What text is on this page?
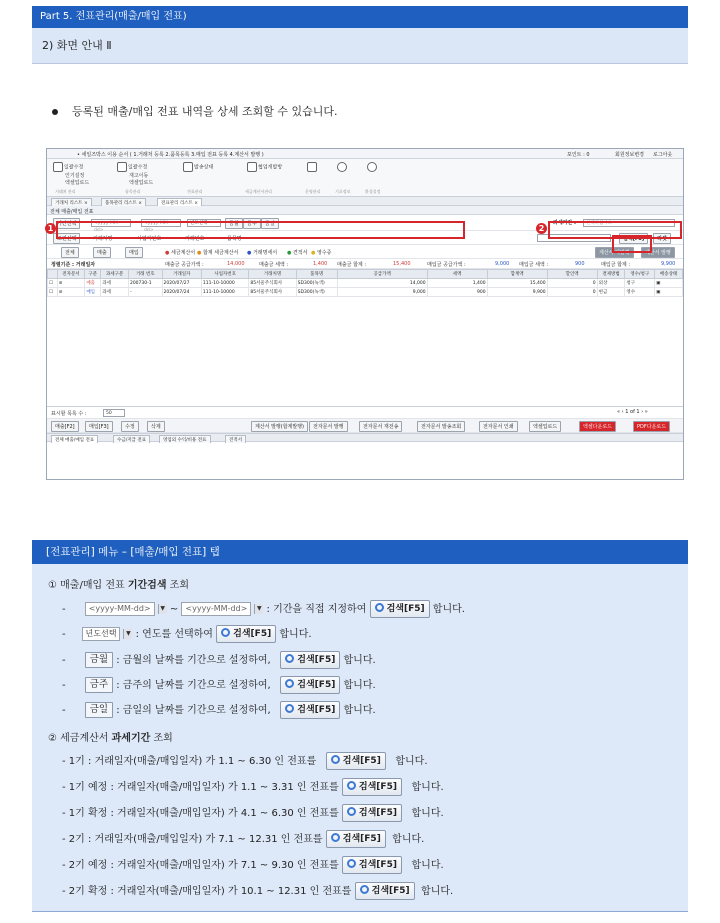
Part 5. 전표관리(매출/매입 전표)
2) 화면 안내 Ⅱ
등록된 매출/매입 전표 내역을 상세 조회할 수 있습니다.
• 세일즈박스 이용 순서 ( 1.거래처 등록 2.품목등록 3.매입 전표 등록 4.계산서 발행 )	포인트 : 0	회원정보변경 로그아웃
일괄수정
인기설정
엑셀업로드
일괄수정
재고이동
엑셀업로드
발송상태	협업개발방
거래처 관리	품목관리	전표관리	세금계산서관리	운영관리	기초정보	환경설정
거래처 리스트 ×	품목관리 리스트 ×	전표관리 리스트 ×
전체 매출/매입 전표
기간선택	<yyyy-MM-dd>
<yyyy-MM-dd>
년도선택	금월	금주	금일	과세기간 :	선택하십시오
조건선택	거래처명	사업자번호	거래번호	품목명	검색[F5]	리셋
전체	매출	매입	● 세금계산서 ● 합계 세금계산서 ● 거래명세서 ● 견적서 ● 영수증	계산서 미발행	계산서 발행
정렬기준 : 거래일자	매출금 공급가액 :	14,000	매출금 세액 :	1,400 매출금 합계 :	15,400	매입금 공급가액 :	9,000 매입금 세액 :	900	매입금 합계 :	9,900
	전자문서	구분	과세구분	거래 번호	거래일자	사업자번호	거래처명	품목명	공급가액	세액	합계액	할인액	결제방법	영수/청구	배송상태
☐	⊘	매출	과세	200730-1	2020/07/27	111-10-10000	85서울주식회사	SD300(녹색)	14,000	1,400	15,400	0	외상	청구	▣
☐	⊘	매입	과세	-	2020/07/24	111-10-10000	85서울주식회사	SD300(녹색)	9,000	900	9,900	0	현금	영수	▣
표시할 목록 수 :	50	« ‹ 1 of 1 › »
매출[F2]	매입[F3]	수정	삭제	계산서 발행(합계발행)	전자문서 발행	전자문서 재전송	전자문서 발송조회	전자문서 인쇄	엑셀업로드	엑셀다운로드	PDF다운로드
전체 매출/매입 전표	수금/지급 전표	영업외 수익/비용 전표	견적서
1	2
[전표관리] 메뉴 – [매출/매입 전표] 탭
① 매출/매입 전표 기간검색 조회
-      <yyyy-MM-dd> ▼ ~ <yyyy-MM-dd> ▼ : 기간을 직접 지정하여 검색[F5] 합니다.
-     년도선택 ▼ : 연도를 선택하여 검색[F5] 합니다.
-      금월 : 금월의 날짜를 기간으로 설정하여,	검색[F5] 합니다.
-      금주 : 금주의 날짜를 기간으로 설정하여,	검색[F5] 합니다.
-      금일 : 금일의 날짜를 기간으로 설정하여,	검색[F5] 합니다.
② 세금계산서 과세기간 조회
- 1기 : 거래일자(매출/매입일자) 가 1.1 ~ 6.30 인 전표를	검색[F5] 합니다.
- 1기 예정 : 거래일자(매출/매입일자) 가 1.1 ~ 3.31 인 전표를 검색[F5] 합니다.
- 1기 확정 : 거래일자(매출/매입일자) 가 4.1 ~ 6.30 인 전표를 검색[F5] 합니다.
- 2기 : 거래일자(매출/매입일자) 가 7.1 ~ 12.31 인 전표를 검색[F5] 합니다.
- 2기 예정 : 거래일자(매출/매입일자) 가 7.1 ~ 9.30 인 전표를 검색[F5] 합니다.
- 2기 확정 : 거래일자(매출/매입일자) 가 10.1 ~ 12.31 인 전표를 검색[F5] 합니다.
